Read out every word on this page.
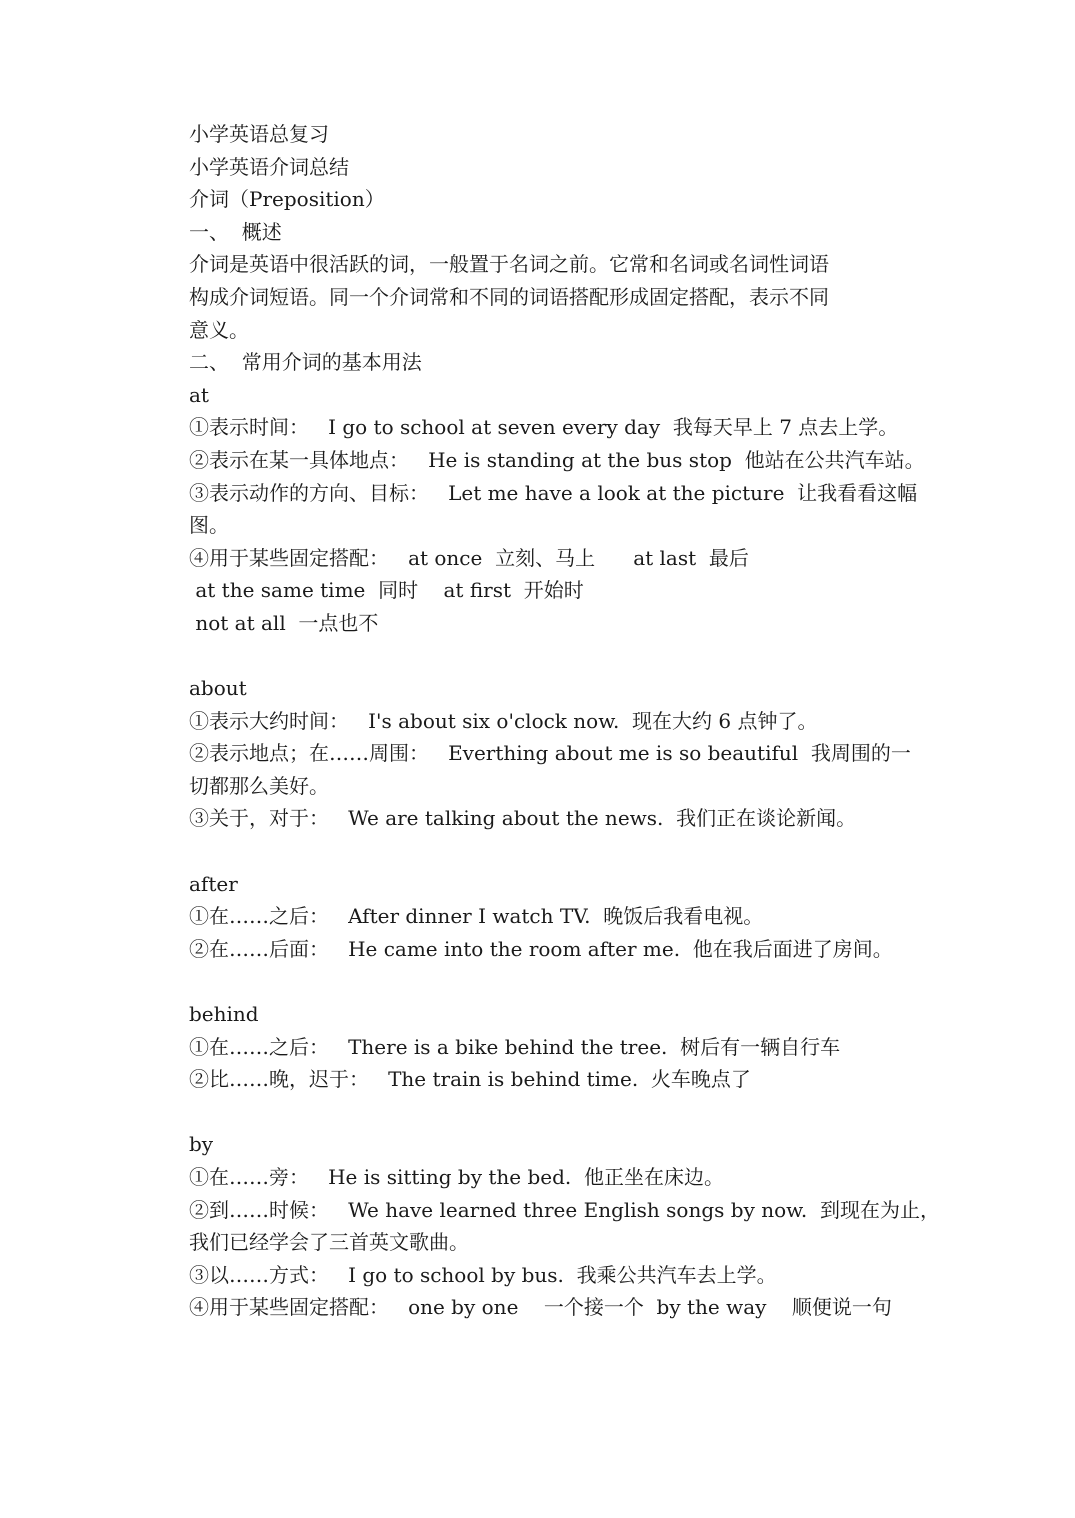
小学英语总复习
小学英语介词总结
介词（Preposition）
一、  概述
介词是英语中很活跃的词，一般置于名词之前。它常和名词或名词性词语
构成介词短语。同一个介词常和不同的词语搭配形成固定搭配，表示不同
意义。
二、  常用介词的基本用法
at
①表示时间：   I go to school at seven every day  我每天早上 7 点去上学。
②表示在某一具体地点：   He is standing at the bus stop  他站在公共汽车站。
③表示动作的方向、目标：   Let me have a look at the picture  让我看看这幅
图。
④用于某些固定搭配：   at once  立刻、马上      at last  最后
at the same time  同时    at first  开始时
not at all  一点也不
about
①表示大约时间：   I's about six o'clock now.  现在大约 6 点钟了。
②表示地点；在……周围：   Everthing about me is so beautiful  我周围的一
切都那么美好。
③关于，对于：   We are talking about the news.  我们正在谈论新闻。
after
①在……之后：   After dinner I watch TV.  晚饭后我看电视。
②在……后面：   He came into the room after me.  他在我后面进了房间。
behind
①在……之后：   There is a bike behind the tree.  树后有一辆自行车
②比……晚，迟于：   The train is behind time.  火车晚点了
by
①在……旁：   He is sitting by the bed.  他正坐在床边。
②到……时候：   We have learned three English songs by now.  到现在为止，
我们已经学会了三首英文歌曲。
③以……方式：   I go to school by bus.  我乘公共汽车去上学。
④用于某些固定搭配：   one by one    一个接一个  by the way    顺便说一句
